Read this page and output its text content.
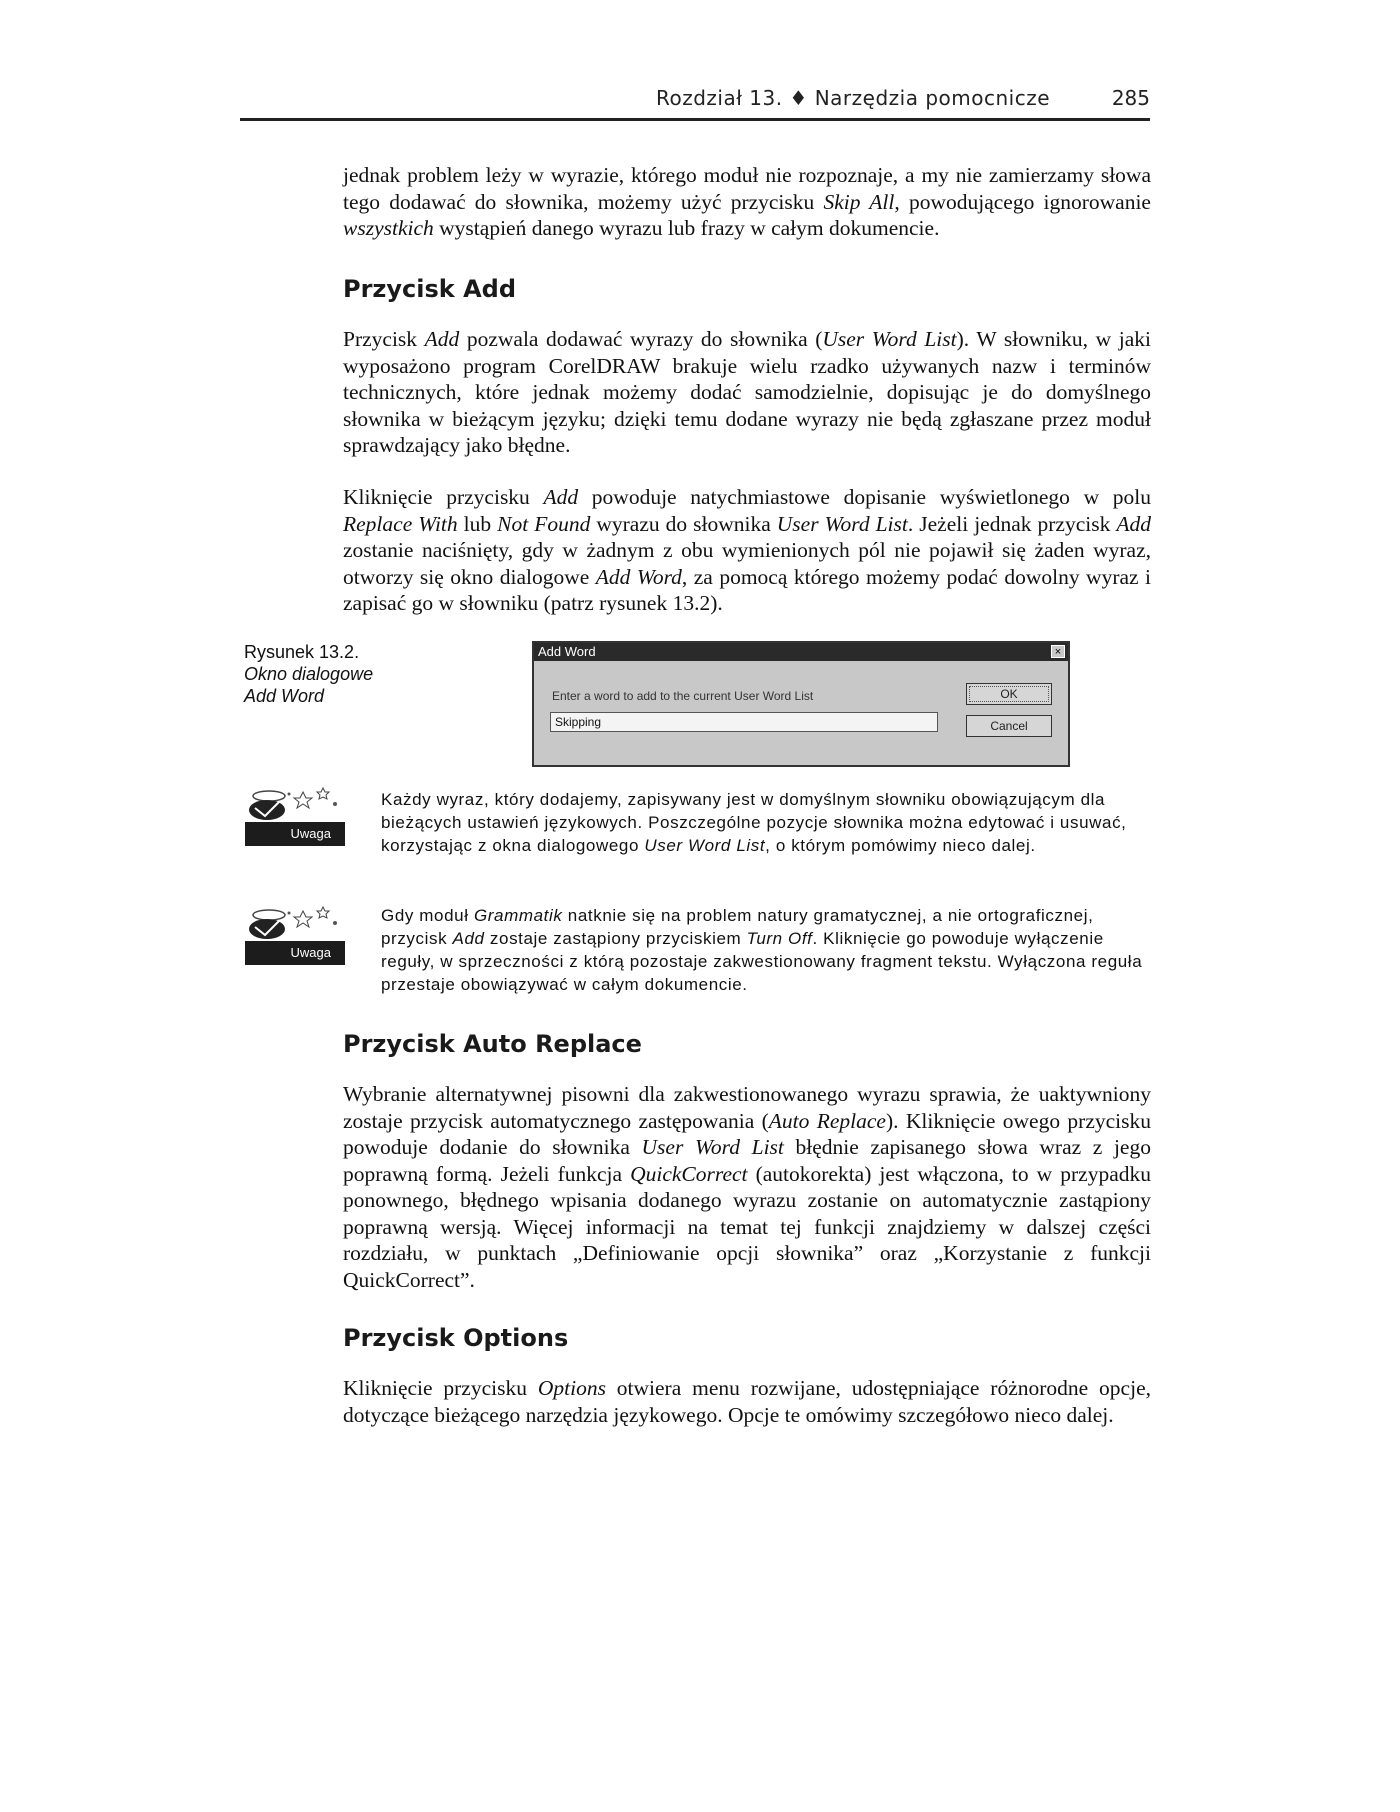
Rozdział 13. ♦ Narzędzia pomocnicze	285

jednak problem leży w wyrazie, którego moduł nie rozpoznaje, a my nie zamierzamy słowa tego dodawać do słownika, możemy użyć przycisku Skip All, powodującego ignorowanie wszystkich wystąpień danego wyrazu lub frazy w całym dokumencie.

Przycisk Add

Przycisk Add pozwala dodawać wyrazy do słownika (User Word List). W słowniku, w jaki wyposażono program CorelDRAW brakuje wielu rzadko używanych nazw i terminów technicznych, które jednak możemy dodać samodzielnie, dopisując je do domyślnego słownika w bieżącym języku; dzięki temu dodane wyrazy nie będą zgłaszane przez moduł sprawdzający jako błędne.

Kliknięcie przycisku Add powoduje natychmiastowe dopisanie wyświetlonego w polu Replace With lub Not Found wyrazu do słownika User Word List. Jeżeli jednak przycisk Add zostanie naciśnięty, gdy w żadnym z obu wymienionych pól nie pojawił się żaden wyraz, otworzy się okno dialogowe Add Word, za pomocą którego możemy podać dowolny wyraz i zapisać go w słowniku (patrz rysunek 13.2).

Rysunek 13.2.
Okno dialogowe
Add Word
Add Word	×
Enter a word to add to the current User Word List
Skipping
OK
Cancel
Uwaga

Każdy wyraz, który dodajemy, zapisywany jest w domyślnym słowniku obowiązującym dla bieżących ustawień językowych. Poszczególne pozycje słownika można edytować i usuwać, korzystając z okna dialogowego User Word List, o którym pomówimy nieco dalej.

Uwaga

Gdy moduł Grammatik natknie się na problem natury gramatycznej, a nie ortograficznej, przycisk Add zostaje zastąpiony przyciskiem Turn Off. Kliknięcie go powoduje wyłączenie reguły, w sprzeczności z którą pozostaje zakwestionowany fragment tekstu. Wyłączona reguła przestaje obowiązywać w całym dokumencie.

Przycisk Auto Replace

Wybranie alternatywnej pisowni dla zakwestionowanego wyrazu sprawia, że uaktywniony zostaje przycisk automatycznego zastępowania (Auto Replace). Kliknięcie owego przycisku powoduje dodanie do słownika User Word List błędnie zapisanego słowa wraz z jego poprawną formą. Jeżeli funkcja QuickCorrect (autokorekta) jest włączona, to w przypadku ponownego, błędnego wpisania dodanego wyrazu zostanie on automatycznie zastąpiony poprawną wersją. Więcej informacji na temat tej funkcji znajdziemy w dalszej części rozdziału, w punktach „Definiowanie opcji słownika” oraz „Korzystanie z funkcji QuickCorrect”.

Przycisk Options

Kliknięcie przycisku Options otwiera menu rozwijane, udostępniające różnorodne opcje, dotyczące bieżącego narzędzia językowego. Opcje te omówimy szczegółowo nieco dalej.
